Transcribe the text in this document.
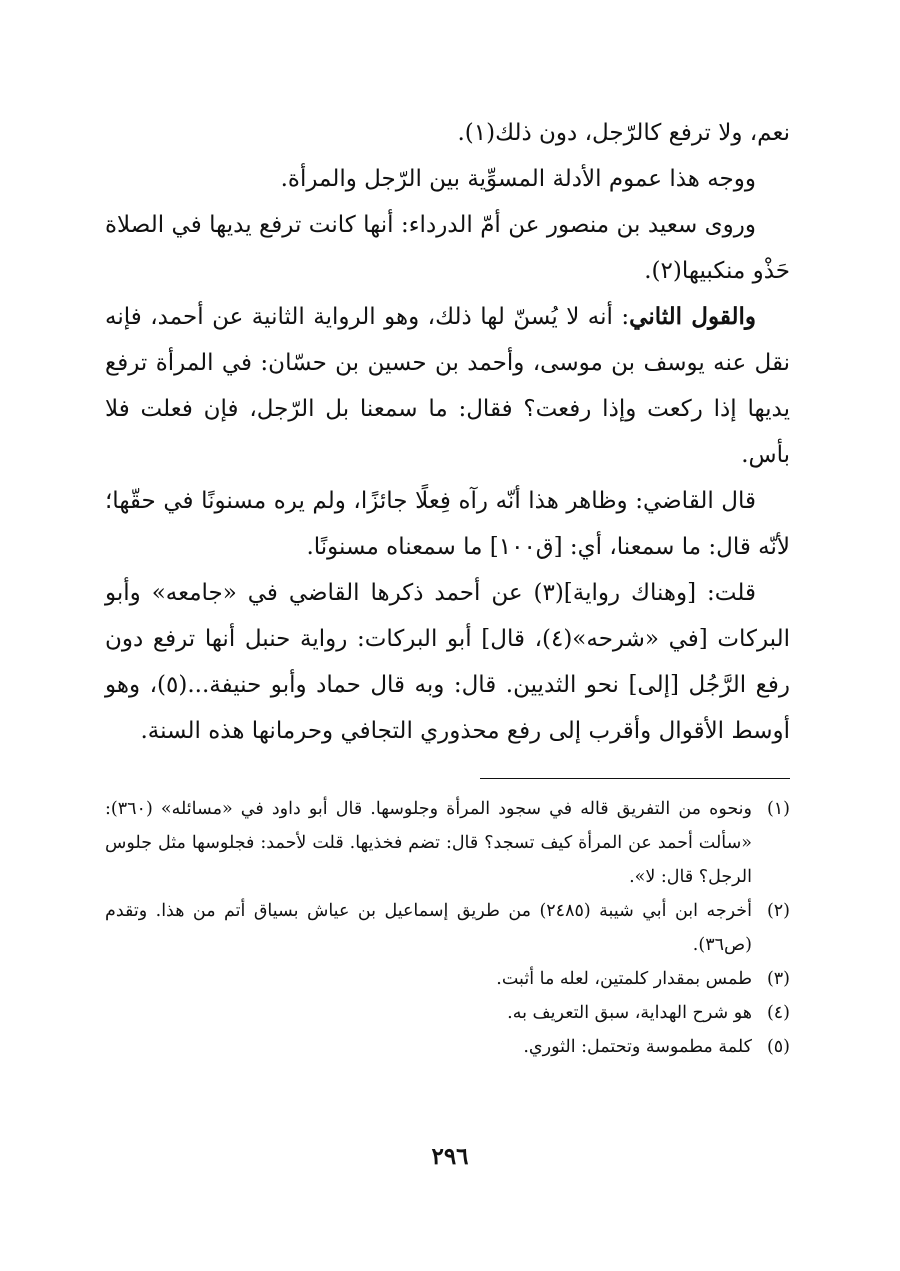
نعم، ولا ترفع كالرّجل، دون ذلك(١).

ووجه هذا عموم الأدلة المسوِّية بين الرّجل والمرأة.

وروى سعيد بن منصور عن أمّ الدرداء: أنها كانت ترفع يديها في الصلاة حَذْو منكبيها(٢).

والقول الثاني: أنه لا يُسنّ لها ذلك، وهو الرواية الثانية عن أحمد، فإنه نقل عنه يوسف بن موسى، وأحمد بن حسين بن حسّان: في المرأة ترفع يديها إذا ركعت وإذا رفعت؟ فقال: ما سمعنا بل الرّجل، فإن فعلت فلا بأس.

قال القاضي: وظاهر هذا أنّه رآه فِعلًا جائزًا، ولم يره مسنونًا في حقّها؛ لأنّه قال: ما سمعنا، أي: [ق١٠٠] ما سمعناه مسنونًا.

قلت: [وهناك رواية](٣) عن أحمد ذكرها القاضي في «جامعه» وأبو البركات [في «شرحه»(٤)، قال] أبو البركات: رواية حنبل أنها ترفع دون رفع الرَّجُل [إلى] نحو الثديين. قال: وبه قال حماد وأبو حنيفة...(٥)، وهو أوسط الأقوال وأقرب إلى رفع محذوري التجافي وحرمانها هذه السنة.

(١)
ونحوه من التفريق قاله في سجود المرأة وجلوسها. قال أبو داود في «مسائله» (٣٦٠): «سألت أحمد عن المرأة كيف تسجد؟ قال: تضم فخذيها. قلت لأحمد: فجلوسها مثل جلوس الرجل؟ قال: لا».
(٢)
أخرجه ابن أبي شيبة (٢٤٨٥) من طريق إسماعيل بن عياش بسياق أتم من هذا. وتقدم (ص٣٦).
(٣)
طمس بمقدار كلمتين، لعله ما أثبت.
(٤)
هو شرح الهداية، سبق التعريف به.
(٥)
كلمة مطموسة وتحتمل: الثوري.
٢٩٦
